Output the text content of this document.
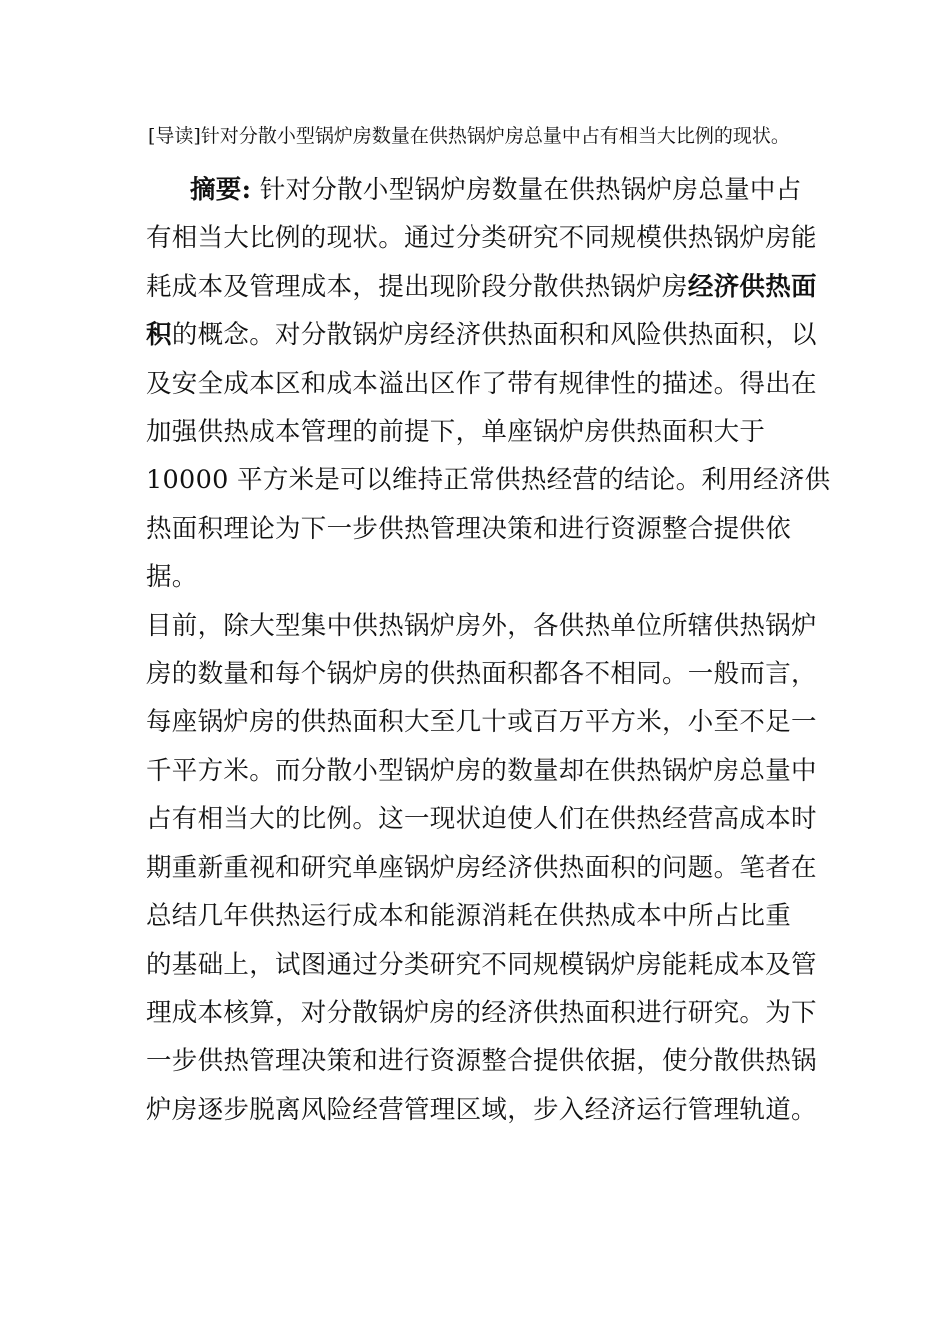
[导读]针对分散小型锅炉房数量在供热锅炉房总量中占有相当大比例的现状。
摘要: 针对分散小型锅炉房数量在供热锅炉房总量中占
有相当大比例的现状。通过分类研究不同规模供热锅炉房能
耗成本及管理成本，提出现阶段分散供热锅炉房经济供热面
积的概念。对分散锅炉房经济供热面积和风险供热面积，以
及安全成本区和成本溢出区作了带有规律性的描述。得出在
加强供热成本管理的前提下，单座锅炉房供热面积大于
10000 平方米是可以维持正常供热经营的结论。利用经济供
热面积理论为下一步供热管理决策和进行资源整合提供依
据。
目前，除大型集中供热锅炉房外，各供热单位所辖供热锅炉
房的数量和每个锅炉房的供热面积都各不相同。一般而言，
每座锅炉房的供热面积大至几十或百万平方米，小至不足一
千平方米。而分散小型锅炉房的数量却在供热锅炉房总量中
占有相当大的比例。这一现状迫使人们在供热经营高成本时
期重新重视和研究单座锅炉房经济供热面积的问题。笔者在
总结几年供热运行成本和能源消耗在供热成本中所占比重
的基础上，试图通过分类研究不同规模锅炉房能耗成本及管
理成本核算，对分散锅炉房的经济供热面积进行研究。为下
一步供热管理决策和进行资源整合提供依据，使分散供热锅
炉房逐步脱离风险经营管理区域，步入经济运行管理轨道。
